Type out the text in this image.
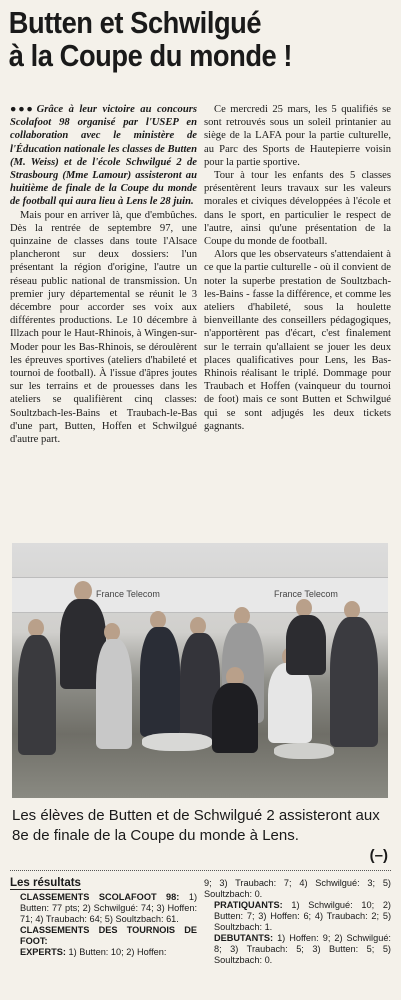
Butten et Schwilgué
à la Coupe du monde !

●●● Grâce à leur victoire au concours Scolafoot 98 organisé par l'USEP en collaboration avec le ministère de l'Éducation nationale les classes de Butten (M. Weiss) et de l'école Schwilgué 2 de Strasbourg (Mme Lamour) assisteront au huitième de finale de la Coupe du monde de football qui aura lieu à Lens le 28 juin.

Mais pour en arriver là, que d'embûches. Dès la rentrée de septembre 97, une quinzaine de classes dans toute l'Alsace plancheront sur deux dossiers: l'un présentant la région d'origine, l'autre un réseau public national de transmission. Un premier jury départemental se réunit le 3 décembre pour accorder ses voix aux différentes productions. Le 10 décembre à Illzach pour le Haut-Rhinois, à Wingen-sur-Moder pour les Bas-Rhinois, se déroulèrent les épreuves sportives (ateliers d'habileté et tournoi de football). À l'issue d'âpres joutes sur les terrains et de prouesses dans les ateliers se qualifièrent cinq classes: Soultzbach-les-Bains et Traubach-le-Bas d'une part, Butten, Hoffen et Schwilgué d'autre part.

Ce mercredi 25 mars, les 5 qualifiés se sont retrouvés sous un soleil printanier au siège de la LAFA pour la partie culturelle, au Parc des Sports de Hautepierre voisin pour la partie sportive.

Tour à tour les enfants des 5 classes présentèrent leurs travaux sur les valeurs morales et civiques développées à l'école et dans le sport, en particulier le respect de l'autre, ainsi qu'une présentation de la Coupe du monde de football.

Alors que les observateurs s'attendaient à ce que la partie culturelle - où il convient de noter la superbe prestation de Soultzbach-les-Bains - fasse la différence, et comme les ateliers d'habileté, sous la houlette bienveillante des conseillers pédagogiques, n'apportèrent pas d'écart, c'est finalement sur le terrain qu'allaient se jouer les deux places qualificatives pour Lens, les Bas-Rhinois réalisant le triplé. Dommage pour Traubach et Hoffen (vainqueur du tournoi de foot) mais ce sont Butten et Schwilgué qui se sont adjugés les deux tickets gagnants.

France Telecom	France Telecom
Les élèves de Butten et de Schwilgué 2 assisteront aux 8e de finale de la Coupe du monde à Lens.
(–)
Les résultats

CLASSEMENTS SCOLAFOOT 98: 1) Butten: 77 pts; 2) Schwilgué: 74; 3) Hoffen: 71; 4) Traubach: 64; 5) Soultzbach: 61.

CLASSEMENTS DES TOURNOIS DE FOOT:

EXPERTS: 1) Butten: 10; 2) Hoffen:

9; 3) Traubach: 7; 4) Schwilgué: 3; 5) Soultzbach: 0.

PRATIQUANTS: 1) Schwilgué: 10; 2) Butten: 7; 3) Hoffen: 6; 4) Traubach: 2; 5) Soultzbach: 1.

DEBUTANTS: 1) Hoffen: 9; 2) Schwilgué: 8; 3) Traubach: 5; 3) Butten: 5; 5) Soultzbach: 0.
